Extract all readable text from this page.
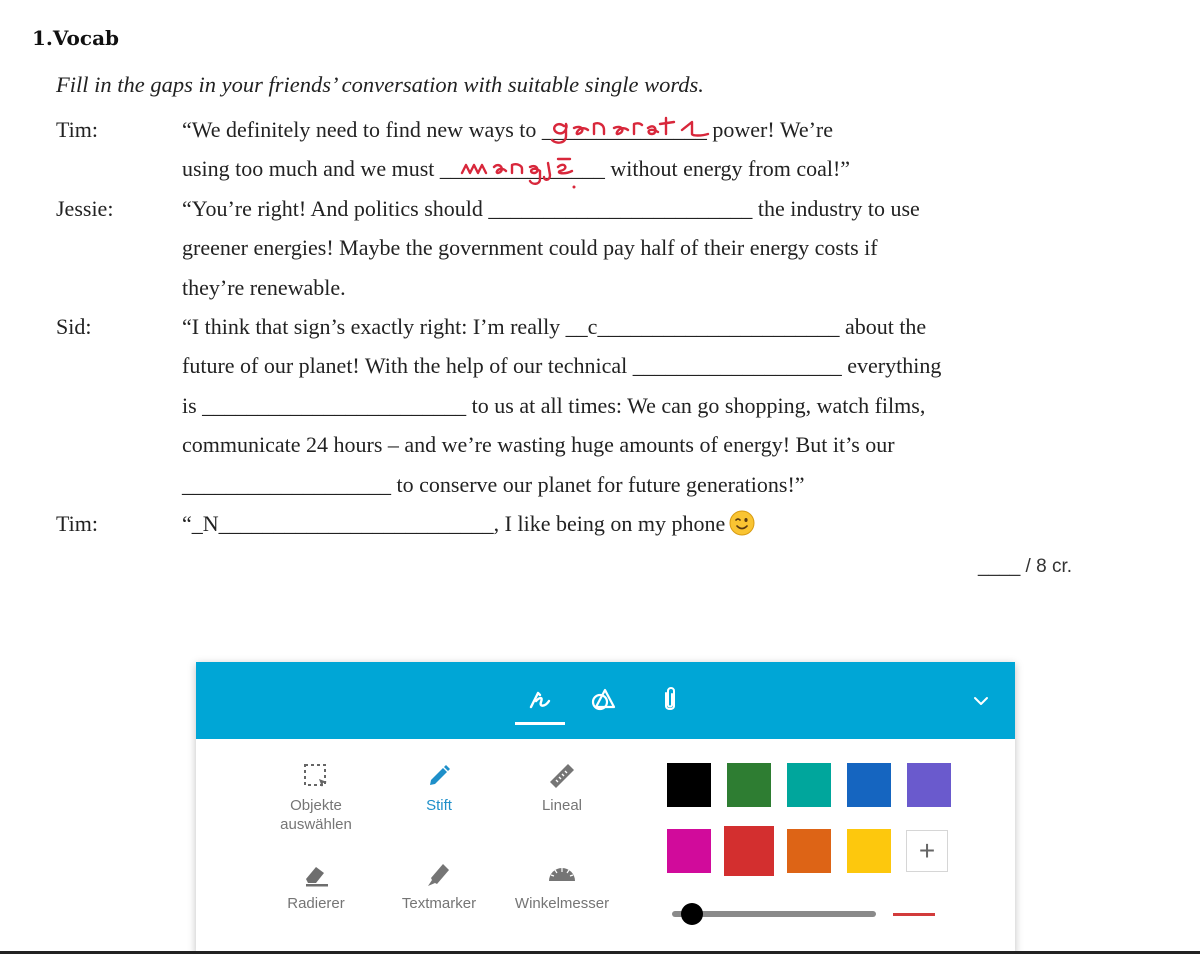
1.Vocab
Fill in the gaps in your friends’ conversation with suitable single words.
Tim:	“We definitely need to find new ways to _______________
power! We’re
using too much and we must _______________
without energy from coal!”
Jessie:	“You’re right! And politics should ________________________ the industry to use
greener energies! Maybe the government could pay half of their energy costs if
they’re renewable.
Sid:	“I think that sign’s exactly right: I’m really __c______________________ about the
future of our planet! With the help of our technical ___________________ everything
is ________________________ to us at all times: We can go shopping, watch films,
communicate 24 hours – and we’re wasting huge amounts of energy! But it’s our
___________________ to conserve our planet for future generations!”
Tim:	“_N_________________________, I like being on my phone
____ / 8 cr.
Objekte auswählen
Stift	Lineal
Radierer	Textmarker	Winkelmesser
+
